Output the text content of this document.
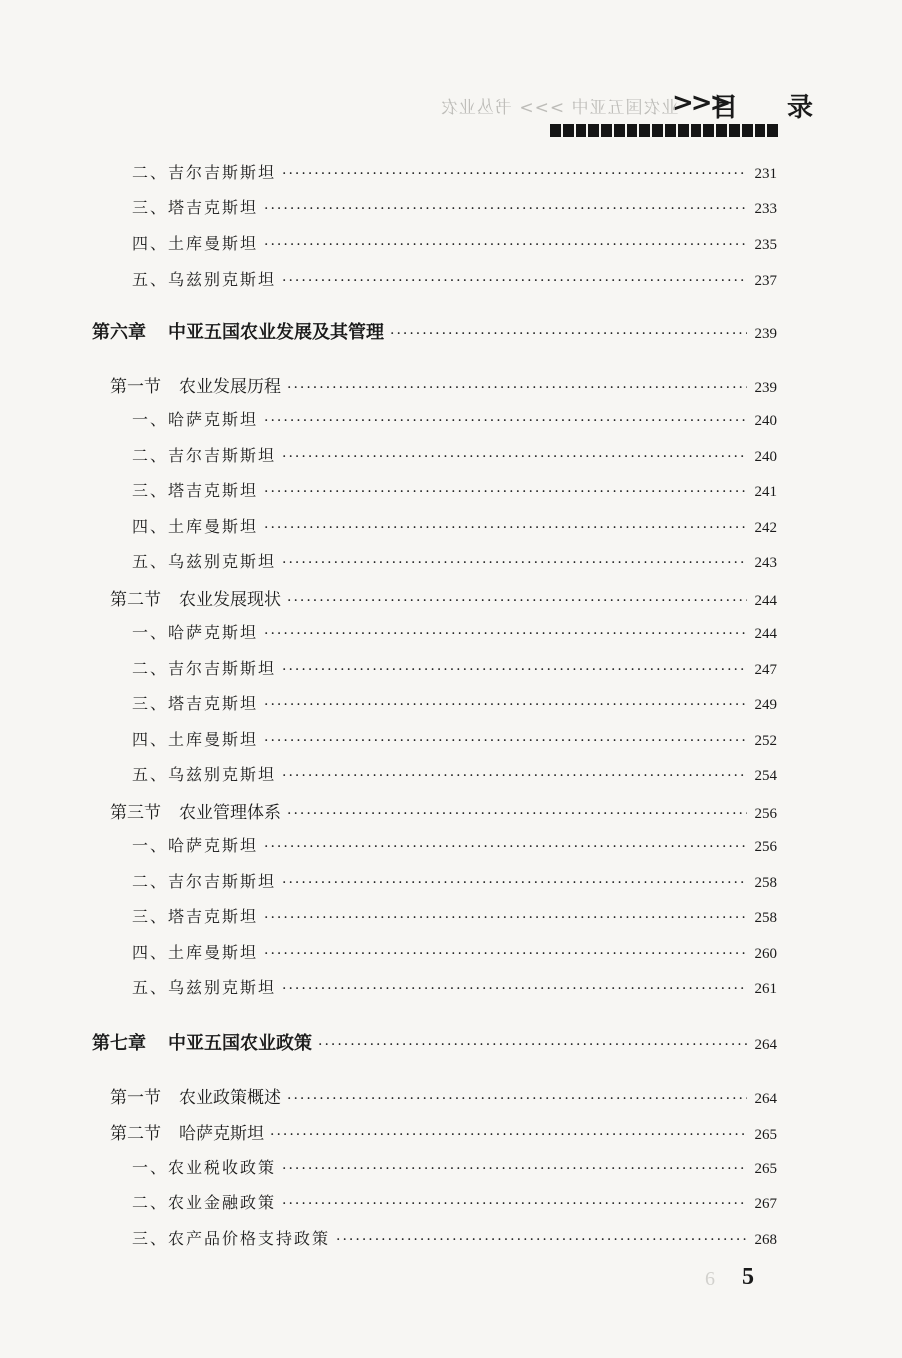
业农国五亚中 >>> 书丛业农
>>>
目 录
二、吉尔吉斯斯坦 ·····	231
三、塔吉克斯坦 ·····	233
四、土库曼斯坦 ·····	235
五、乌兹别克斯坦 ·····	237
第六章 中亚五国农业发展及其管理 ·····	239
第一节 农业发展历程 ·····	239
一、哈萨克斯坦 ·····	240
二、吉尔吉斯斯坦 ·····	240
三、塔吉克斯坦 ·····	241
四、土库曼斯坦 ·····	242
五、乌兹别克斯坦 ·····	243
第二节 农业发展现状 ·····	244
一、哈萨克斯坦 ·····	244
二、吉尔吉斯斯坦 ·····	247
三、塔吉克斯坦 ·····	249
四、土库曼斯坦 ·····	252
五、乌兹别克斯坦 ·····	254
第三节 农业管理体系 ·····	256
一、哈萨克斯坦 ·····	256
二、吉尔吉斯斯坦 ·····	258
三、塔吉克斯坦 ·····	258
四、土库曼斯坦 ·····	260
五、乌兹别克斯坦 ·····	261
第七章 中亚五国农业政策 ·····	264
第一节 农业政策概述 ·····	264
第二节 哈萨克斯坦 ·····	265
一、农业税收政策 ·····	265
二、农业金融政策 ·····	267
三、农产品价格支持政策 ·····	268
6 5
